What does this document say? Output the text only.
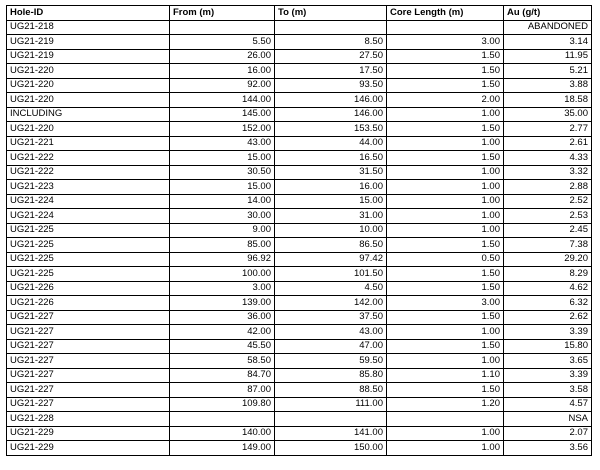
Hole-ID	From (m)	To (m)	Core Length (m)	Au (g/t)
UG21-218				ABANDONED
UG21-219	5.50	8.50	3.00	3.14
UG21-219	26.00	27.50	1.50	11.95
UG21-220	16.00	17.50	1.50	5.21
UG21-220	92.00	93.50	1.50	3.88
UG21-220	144.00	146.00	2.00	18.58
INCLUDING	145.00	146.00	1.00	35.00
UG21-220	152.00	153.50	1.50	2.77
UG21-221	43.00	44.00	1.00	2.61
UG21-222	15.00	16.50	1.50	4.33
UG21-222	30.50	31.50	1.00	3.32
UG21-223	15.00	16.00	1.00	2.88
UG21-224	14.00	15.00	1.00	2.52
UG21-224	30.00	31.00	1.00	2.53
UG21-225	9.00	10.00	1.00	2.45
UG21-225	85.00	86.50	1.50	7.38
UG21-225	96.92	97.42	0.50	29.20
UG21-225	100.00	101.50	1.50	8.29
UG21-226	3.00	4.50	1.50	4.62
UG21-226	139.00	142.00	3.00	6.32
UG21-227	36.00	37.50	1.50	2.62
UG21-227	42.00	43.00	1.00	3.39
UG21-227	45.50	47.00	1.50	15.80
UG21-227	58.50	59.50	1.00	3.65
UG21-227	84.70	85.80	1.10	3.39
UG21-227	87.00	88.50	1.50	3.58
UG21-227	109.80	111.00	1.20	4.57
UG21-228				NSA
UG21-229	140.00	141.00	1.00	2.07
UG21-229	149.00	150.00	1.00	3.56
